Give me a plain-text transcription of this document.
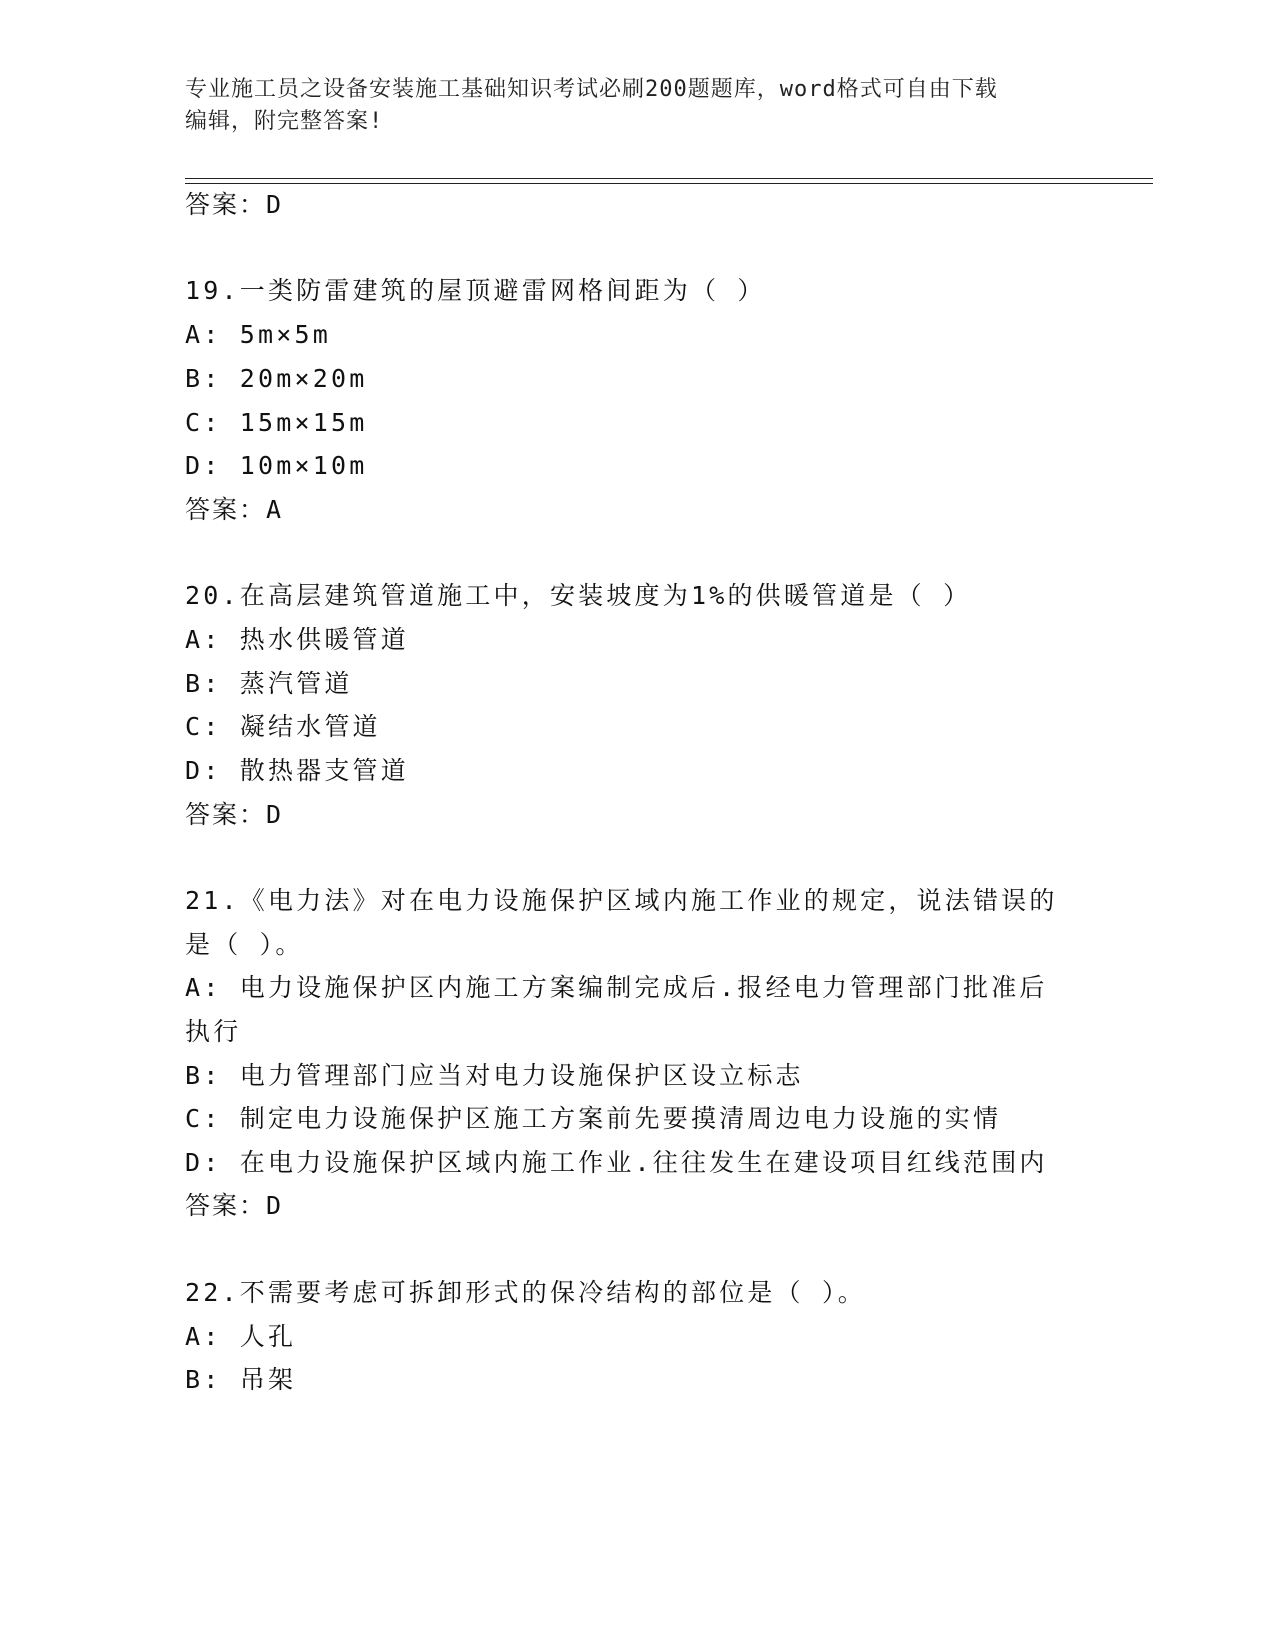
专业施工员之设备安装施工基础知识考试必刷200题题库，word格式可自由下载
编辑，附完整答案!
答案：D
19.一类防雷建筑的屋顶避雷网格间距为（ ）
A: 5m×5m
B: 20m×20m
C: 15m×15m
D: 10m×10m
答案：A
20.在高层建筑管道施工中，安装坡度为1%的供暖管道是（ ）
A: 热水供暖管道
B: 蒸汽管道
C: 凝结水管道
D: 散热器支管道
答案：D
21.《电力法》对在电力设施保护区域内施工作业的规定，说法错误的
是（ ）。
A: 电力设施保护区内施工方案编制完成后.报经电力管理部门批准后
执行
B: 电力管理部门应当对电力设施保护区设立标志
C: 制定电力设施保护区施工方案前先要摸清周边电力设施的实情
D: 在电力设施保护区域内施工作业.往往发生在建设项目红线范围内
答案：D
22.不需要考虑可拆卸形式的保冷结构的部位是（ ）。
A: 人孔
B: 吊架
